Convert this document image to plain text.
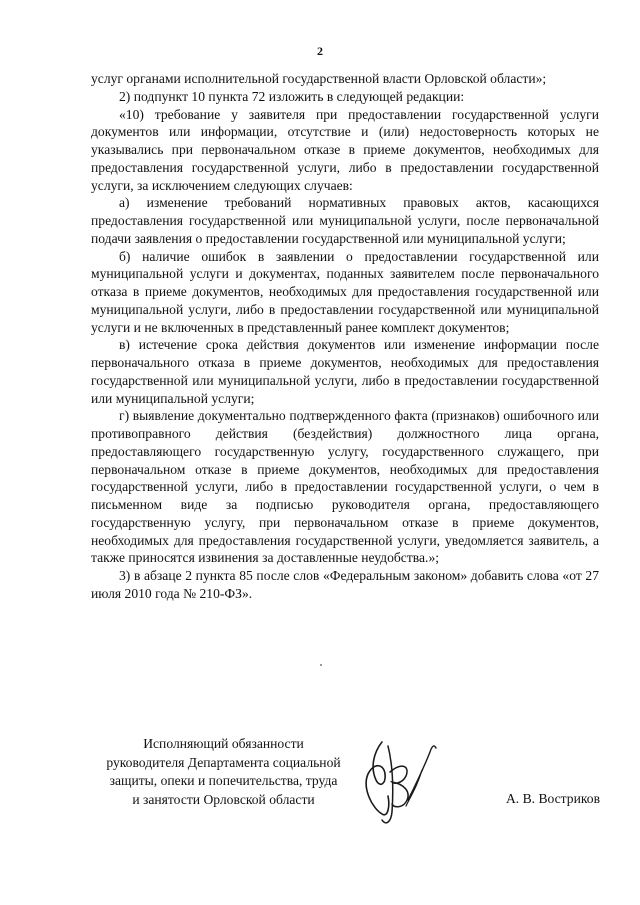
2

услуг органами исполнительной государственной власти Орловской области»;

2) подпункт 10 пункта 72 изложить в следующей редакции:

«10) требование у заявителя при предоставлении государственной услуги документов или информации, отсутствие и (или) недостоверность которых не указывались при первоначальном отказе в приеме документов, необходимых для предоставления государственной услуги, либо в предоставлении государственной услуги, за исключением следующих случаев:

а) изменение требований нормативных правовых актов, касающихся предоставления государственной или муниципальной услуги, после первоначальной подачи заявления о предоставлении государственной или муниципальной услуги;

б) наличие ошибок в заявлении о предоставлении государственной или муниципальной услуги и документах, поданных заявителем после первоначального отказа в приеме документов, необходимых для предоставления государственной или муниципальной услуги, либо в предоставлении государственной или муниципальной услуги и не включенных в представленный ранее комплект документов;

в) истечение срока действия документов или изменение информации после первоначального отказа в приеме документов, необходимых для предоставления государственной или муниципальной услуги, либо в предоставлении государственной или муниципальной услуги;

г) выявление документально подтвержденного факта (признаков) ошибочного или противоправного действия (бездействия) должностного лица органа, предоставляющего государственную услугу, государственного служащего, при первоначальном отказе в приеме документов, необходимых для предоставления государственной услуги, либо в предоставлении государственной услуги, о чем в письменном виде за подписью руководителя органа, предоставляющего государственную услугу, при первоначальном отказе в приеме документов, необходимых для предоставления государственной услуги, уведомляется заявитель, а также приносятся извинения за доставленные неудобства.»;

3) в абзаце 2 пункта 85 после слов «Федеральным законом» добавить слова «от 27 июля 2010 года № 210-ФЗ».

Исполняющий обязанности
руководителя Департамента социальной
защиты, опеки и попечительства, труда
и занятости Орловской области	А. В. Востриков
